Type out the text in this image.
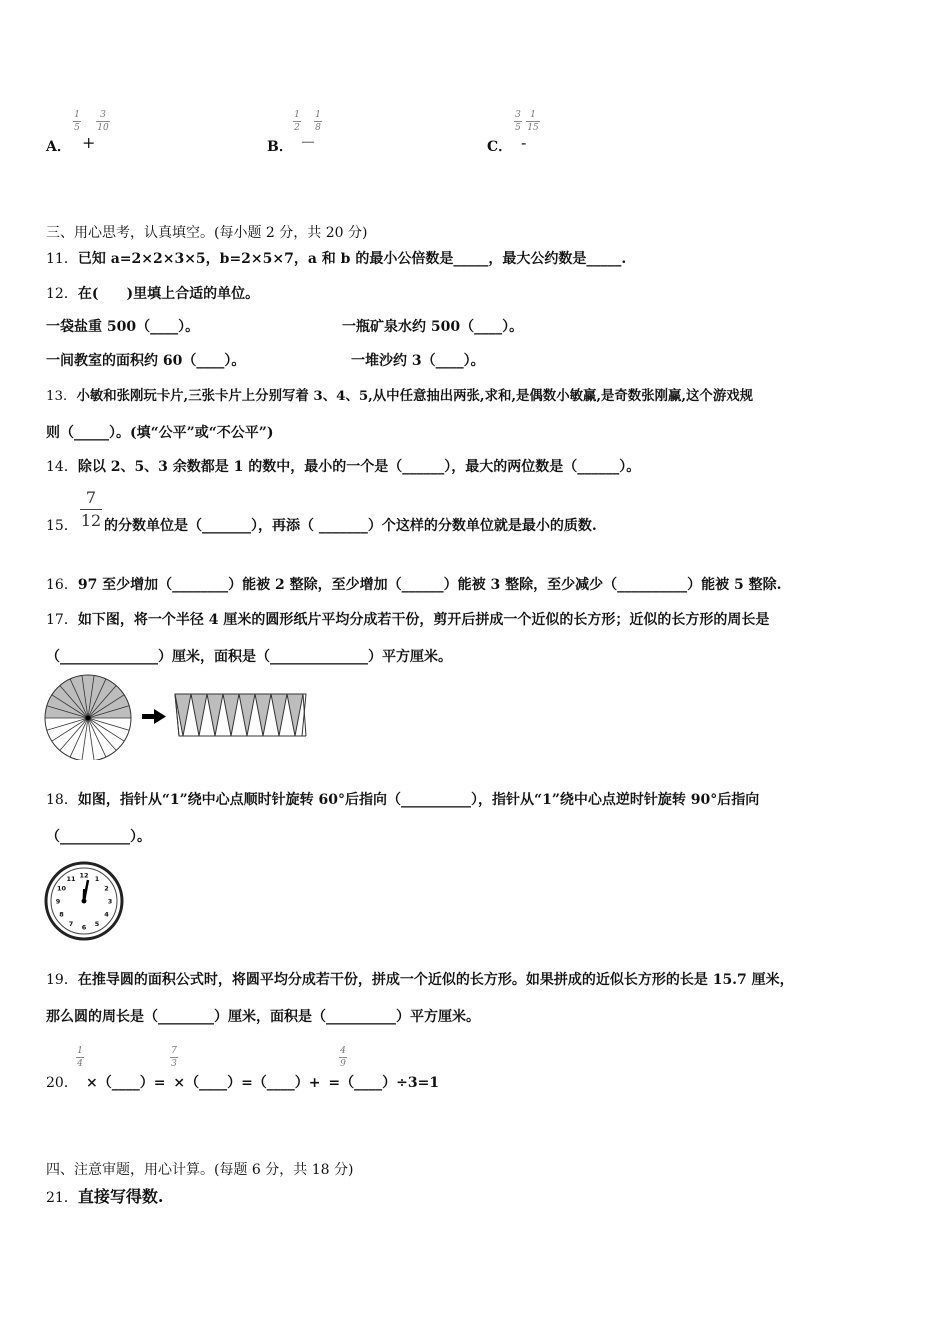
A．
1
5
+
3
10
B．
1
2
－
1
8
C．
3
5
-
1
15
三、用心思考，认真填空。(每小题 2 分，共 20 分)
11．已知 a=2×2×3×5，b=2×5×7，a 和 b 的最小公倍数是_____，最大公约数是_____.
12．在(　　)里填上合适的单位。
一袋盐重 500（____）。	一瓶矿泉水约 500（____）。
一间教室的面积约 60（____）。	一堆沙约 3（____）。
13．小敏和张刚玩卡片,三张卡片上分别写着 3、4、5,从中任意抽出两张,求和,是偶数小敏赢,是奇数张刚赢,这个游戏规
则（_____）。(填“公平”或“不公平”)
14．除以 2、5、3 余数都是 1 的数中，最小的一个是（______），最大的两位数是（______）。
15．
7
12 的分数单位是（_______），再添（ _______）个这样的分数单位就是最小的质数.
16．97 至少增加（________）能被 2 整除，至少增加（______）能被 3 整除，至少减少（__________）能被 5 整除.
17．如下图，将一个半径 4 厘米的圆形纸片平均分成若干份，剪开后拼成一个近似的长方形；近似的长方形的周长是
（______________）厘米，面积是（______________）平方厘米。
18．如图，指针从“1”绕中心点顺时针旋转 60°后指向（__________），指针从“1”绕中心点逆时针旋转 90°后指向
（__________）。
12 1
2
3
4
5
6
7
8
9
10
11
19．在推导圆的面积公式时，将圆平均分成若干份，拼成一个近似的长方形。如果拼成的近似长方形的长是 15.7 厘米，
那么圆的周长是（________）厘米，面积是（__________）平方厘米。
20．
1
4
7
3
4
9
×（____）= ×（____）=（____）+ =（____）÷3=1
四、注意审题，用心计算。(每题 6 分，共 18 分)
21．直接写得数.
